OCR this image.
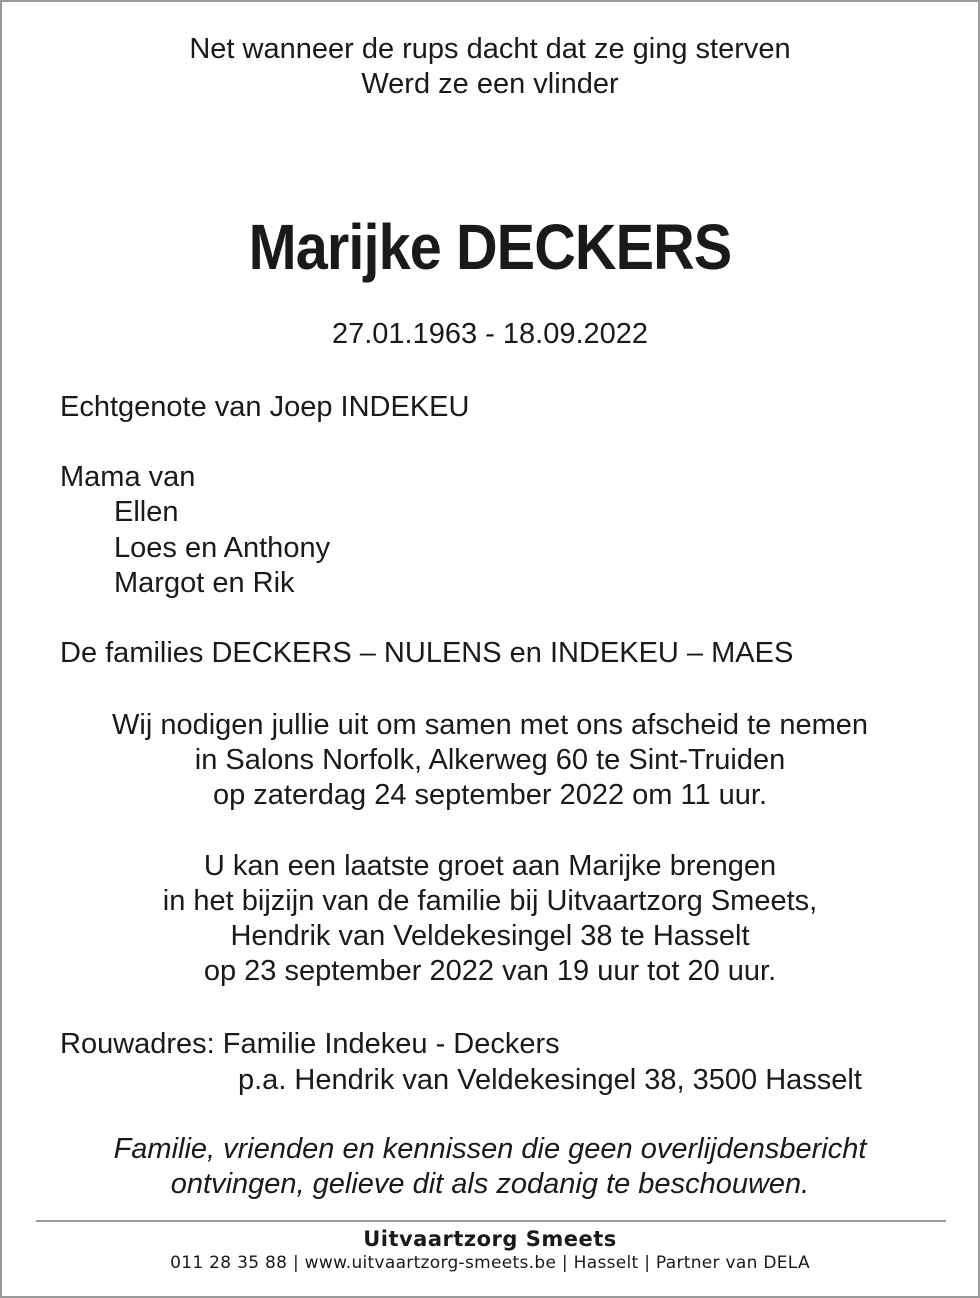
Net wanneer de rups dacht dat ze ging sterven
Werd ze een vlinder
Marijke DECKERS
27.01.1963 - 18.09.2022
Echtgenote van Joep INDEKEU
Mama van
Ellen
Loes en Anthony
Margot en Rik
De families DECKERS – NULENS en INDEKEU – MAES
Wij nodigen jullie uit om samen met ons afscheid te nemen
in Salons Norfolk, Alkerweg 60 te Sint-Truiden
op zaterdag 24 september 2022 om 11 uur.
U kan een laatste groet aan Marijke brengen
in het bijzijn van de familie bij Uitvaartzorg Smeets,
Hendrik van Veldekesingel 38 te Hasselt
op 23 september 2022 van 19 uur tot 20 uur.
Rouwadres: Familie Indekeu - Deckers
p.a. Hendrik van Veldekesingel 38, 3500 Hasselt
Familie, vrienden en kennissen die geen overlijdensbericht
ontvingen, gelieve dit als zodanig te beschouwen.
Uitvaartzorg Smeets
011 28 35 88 | www.uitvaartzorg-smeets.be | Hasselt | Partner van DELA
